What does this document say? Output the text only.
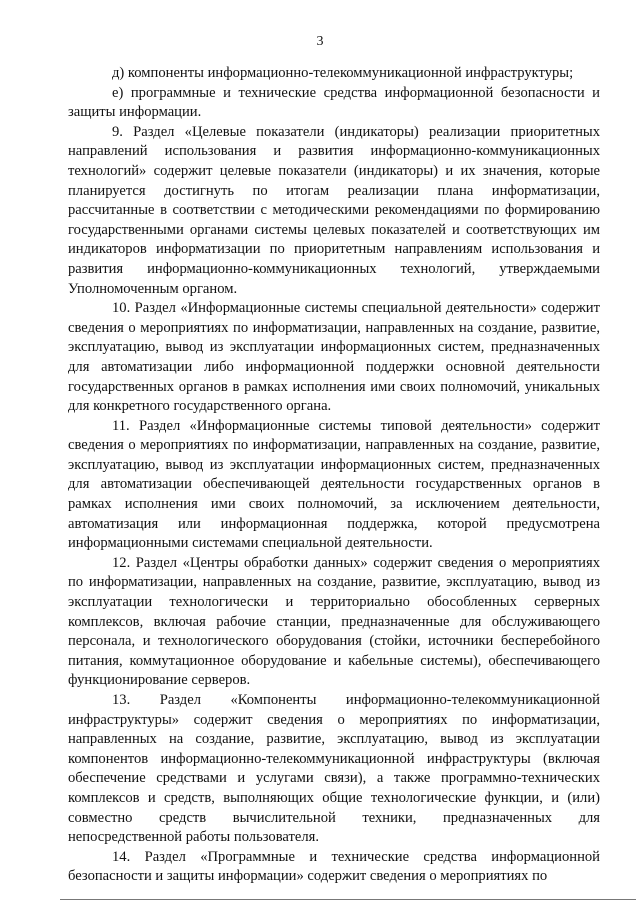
3

д) компоненты информационно-телекоммуникационной инфраструктуры;

е) программные и технические средства информационной безопасности и защиты информации.

9. Раздел «Целевые показатели (индикаторы) реализации приоритетных направлений использования и развития информационно-коммуникационных технологий» содержит целевые показатели (индикаторы) и их значения, которые планируется достигнуть по итогам реализации плана информатизации, рассчитанные в соответствии с методическими рекомендациями по формированию государственными органами системы целевых показателей и соответствующих им индикаторов информатизации по приоритетным направлениям использования и развития информационно-коммуникационных технологий, утверждаемыми Уполномоченным органом.

10. Раздел «Информационные системы специальной деятельности» содержит сведения о мероприятиях по информатизации, направленных на создание, развитие, эксплуатацию, вывод из эксплуатации информационных систем, предназначенных для автоматизации либо информационной поддержки основной деятельности государственных органов в рамках исполнения ими своих полномочий, уникальных для конкретного государственного органа.

11. Раздел «Информационные системы типовой деятельности» содержит сведения о мероприятиях по информатизации, направленных на создание, развитие, эксплуатацию, вывод из эксплуатации информационных систем, предназначенных для автоматизации обеспечивающей деятельности государственных органов в рамках исполнения ими своих полномочий, за исключением деятельности, автоматизация или информационная поддержка, которой предусмотрена информационными системами специальной деятельности.

12. Раздел «Центры обработки данных» содержит сведения о мероприятиях по информатизации, направленных на создание, развитие, эксплуатацию, вывод из эксплуатации технологически и территориально обособленных серверных комплексов, включая рабочие станции, предназначенные для обслуживающего персонала, и технологического оборудования (стойки, источники бесперебойного питания, коммутационное оборудование и кабельные системы), обеспечивающего функционирование серверов.

13. Раздел «Компоненты информационно-телекоммуникационной инфраструктуры» содержит сведения о мероприятиях по информатизации, направленных на создание, развитие, эксплуатацию, вывод из эксплуатации компонентов информационно-телекоммуникационной инфраструктуры (включая обеспечение средствами и услугами связи), а также программно-технических комплексов и средств, выполняющих общие технологические функции, и (или) совместно средств вычислительной техники, предназначенных для непосредственной работы пользователя.

14. Раздел «Программные и технические средства информационной безопасности и защиты информации» содержит сведения о мероприятиях по
